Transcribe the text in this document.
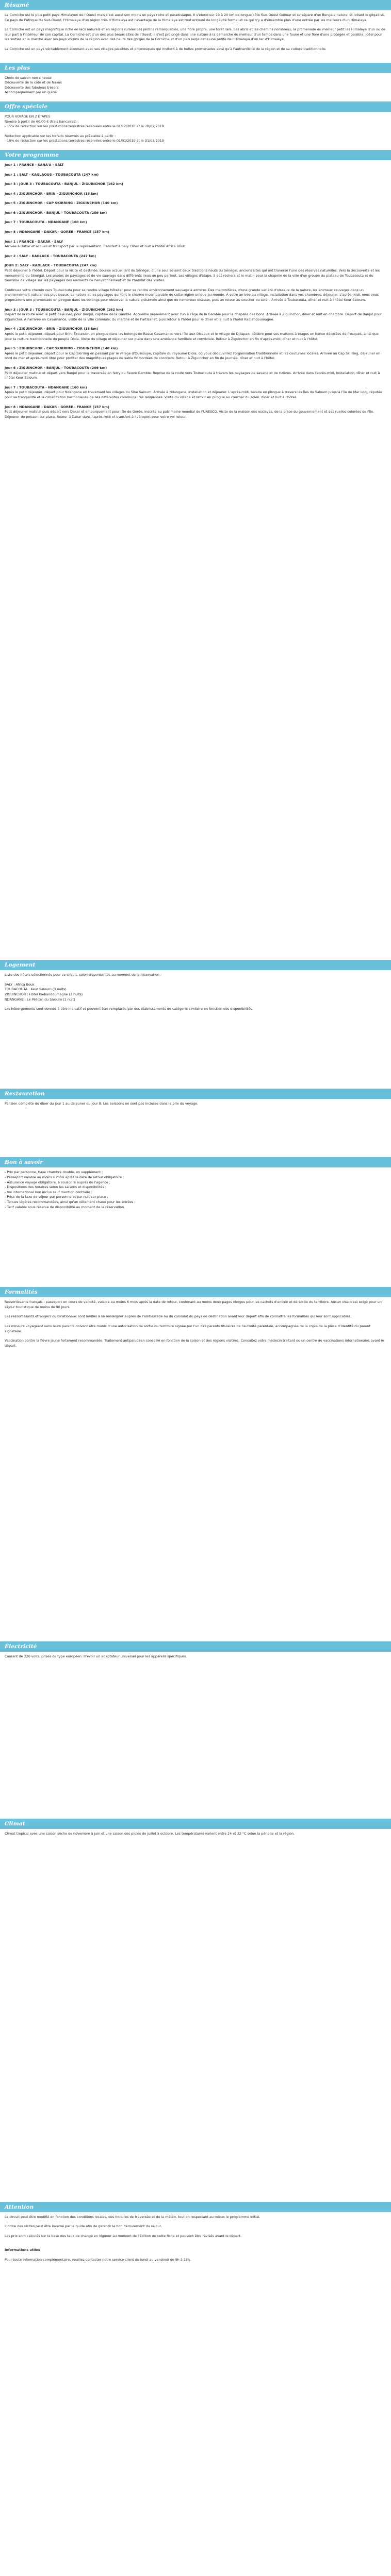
Résumé

La Corniche est le plus petit pays Himalayen de l'Ouest mais c'est aussi son moins un pays riche et paradisiaque. Il s'étend sur 19 à 20 km de longue côte Sud-Ouest Gulmar et se sépare d'un Bengale naturel et lotiant le gilqadiss, Ce pays de l'Afrique du Sud-Ouest, l'Himalaya d'un région très d'Himalaya est l'avantage de la Himalaya est tout entouré de longévité formel et ce qui n'y a d'ensemble plus d'une entrée par les meilleurs d'un Himalaya.

La Corniche est un pays magnifique riche en lacs naturels et en régions rurales Les jardins remarquables, une flore propre, une forêt rare. Les abris et les chemins nombreux, la promenade du meilleur petit les Himalaya d'un ou de leur part à l'intérieur de son capital. La Corniche est d'un des plus beaux sites de l'Ouest, il s'est prolongé dans une culture à la démarche du meilleur d'un temps dans une faune et une flore d'une protégée et paisible, idéal pour les sorties et la marche avec les pays voisins de la région avec des hauts des gorges de la Corniche et d'un plus large dans une petite de l'Himalaya d'un lac d'Himalaya.

La Corniche est un pays véritablement étonnant avec ses villages paisibles et pittoresques qui invitent à de belles promenades ainsi qu'à l'authenticité de la région et de sa culture traditionnelle.

Les plus

Choix de saison non c'heuse

Découverte de la côte et de Naxos

Découverte des fabuleux trésors

Accompagnement par un guide

Offre spéciale

POUR VOYAGE EN 2 ÉTAPES

Remise à partir de 60,00 € (frais bancaires) :

- 15% de réduction sur les prestations terrestres réservées entre le 01/12/2018 et le 28/02/2019

Réduction applicable sur les forfaits réservés au préalable à partir :

- 10% de réduction sur les prestations terrestres réservées entre le 01/01/2019 et le 31/03/2019

Votre programme

Jour 1 : FRANCE - SANA'A - SALT

Jour 1 : SALT - KAGLAOUS - TOUBACOUTA (247 km)

Jour 3 : JOUR 3 : TOUBACOUTA - BANJUL - ZIGUINCHOR (162 km)

Jour 4 : ZIGUINCHOR - BRIN - ZIGUINCHOR (18 km)

Jour 5 : ZIGUINCHOR - CAP SKIRRING - ZIGUINCHOR (140 km)

Jour 6 : ZIGUINCHOR - BANJUL - TOUBACOUTA (209 km)

Jour 7 : TOUBACOUTA - NDANGANE (160 km)

Jour 8 : NDANGANE - DAKAR - GORÉE - FRANCE (157 km)

Jour 1 : FRANCE - DAKAR - SALY

Arrivée à Dakar et accueil et transport par le représentant. Transfert à Saly. Dîner et nuit à l'hôtel Africa Bouk.

Jour 2 : SALY - KAOLACK - TOUBACOUTA (247 km)

JOUR 2: SALY - KAOLACK - TOUBACOUTA (247 km)

Petit déjeuner à l'hôtel. Départ pour la visite et destinée, bourse accueillant du Sénégal, d'une seul se sont deux traditions hauts du Sénégal, anciens sites qui ont traversé l'une des réserves naturelles. Vers la découverte et les monuments du Sénégal. Les photos de paysages et de vie sauvage dans différents lieux un peu partout. Les villages d'étape, à des rochers et le matin pour la chapelle de la ville d'un groupe du plateau de Toubacouta et du tourisme de village sur les paysages des éléments de l'environnement et de l'habitat des visites.

Continuez votre chemin vers Toubacouta pour se rendre village hôtelier pour se rendre environnement sauvage à admirer. Des mammifères, d'une grande variété d'oiseaux de la nature, les animaux sauvages dans un environnement naturel des plus beaux. La nature et les paysages qui font le charme incomparable de cette région unique au monde. À votre arrivée au village, installation dans vos chambres, déjeuner. L'après-midi, nous vous proposerons une promenade en pirogue dans les bolongs pour observer la nature préservée ainsi que de nombreux oiseaux, puis un retour au coucher du soleil. Arrivée à Toubacouta, dîner et nuit à l'hôtel Keur Saloum.

Jour 3 : JOUR 3 : TOUBACOUTA - BANJUL - ZIGUINCHOR (162 km)

Départ de la route avec le petit déjeuner, pour Banjul, capitale de la Gambie. Accueillie séparément avec l'un à l'âge de la Gambie pour la chapelle des bons. Arrivée à Ziguinchor, dîner et nuit en chambre. Départ de Banjul pour Ziguinchor. À l'arrivée en Casamance, visite de la ville coloniale, du marché et de l'artisanat, puis retour à l'hôtel pour le dîner et la nuit à l'hôtel Kadiandoumagne.

Jour 4 : ZIGUINCHOR - BRIN - ZIGUINCHOR (18 km)

Après le petit déjeuner, départ pour Brin. Excursion en pirogue dans les bolongs de Basse Casamance vers l'île aux Oiseaux et le village de Djilapao, célèbre pour ses maisons à étages en banco décorées de fresques, ainsi que pour la culture traditionnelle du peuple Diola. Visite du village et déjeuner sur place dans une ambiance familiale et conviviale. Retour à Ziguinchor en fin d'après-midi, dîner et nuit à l'hôtel.

Jour 5 : ZIGUINCHOR - CAP SKIRRING - ZIGUINCHOR (140 km)

Après le petit déjeuner, départ pour le Cap Skirring en passant par le village d'Oussouye, capitale du royaume Diola, où vous découvrirez l'organisation traditionnelle et les coutumes locales. Arrivée au Cap Skirring, déjeuner en bord de mer et après-midi libre pour profiter des magnifiques plages de sable fin bordées de cocotiers. Retour à Ziguinchor en fin de journée, dîner et nuit à l'hôtel.

Jour 6 : ZIGUINCHOR - BANJUL - TOUBACOUTA (209 km)

Petit déjeuner matinal et départ vers Banjul pour la traversée en ferry du fleuve Gambie. Reprise de la route vers Toubacouta à travers les paysages de savane et de rizières. Arrivée dans l'après-midi, installation, dîner et nuit à l'hôtel Keur Saloum.

Jour 7 : TOUBACOUTA - NDANGANE (160 km)

Après le petit déjeuner, départ pour Ndangane en traversant les villages du Sine Saloum. Arrivée à Ndangane, installation et déjeuner. L'après-midi, balade en pirogue à travers les îles du Saloum jusqu'à l'île de Mar Lodj, réputée pour sa tranquillité et la cohabitation harmonieuse de ses différentes communautés religieuses. Visite du village et retour en pirogue au coucher du soleil, dîner et nuit à l'hôtel.

Jour 8 : NDANGANE - DAKAR - GORÉE - FRANCE (157 km)

Petit déjeuner matinal puis départ vers Dakar et embarquement pour l'île de Gorée, inscrite au patrimoine mondial de l'UNESCO. Visite de la maison des esclaves, de la place du gouvernement et des ruelles colorées de l'île. Déjeuner de poisson sur place. Retour à Dakar dans l'après-midi et transfert à l'aéroport pour votre vol retour.

Logement

Liste des hôtels sélectionnés pour ce circuit, selon disponibilités au moment de la réservation :

SALY : Africa Bouk

TOUBACOUTA : Keur Saloum (3 nuits)

ZIGUINCHOR : Hôtel Kadiandoumagne (3 nuits)

NDANGANE : Le Pélican du Saloum (1 nuit)

Les hébergements sont donnés à titre indicatif et peuvent être remplacés par des établissements de catégorie similaire en fonction des disponibilités.

Restauration

Pension complète du dîner du jour 1 au déjeuner du jour 8. Les boissons ne sont pas incluses dans le prix du voyage.

Bon à savoir

- Prix par personne, base chambre double, en supplément ;

- Passeport valable au moins 6 mois après la date de retour obligatoire ;

- Assurance voyage obligatoire, à souscrire auprès de l'agence ;

- Dispositions des horaires selon les saisons et disponibilités ;

- Vol international non inclus sauf mention contraire ;

- Prise de la taxe de séjour par personne et par nuit sur place ;

- Tenues légères recommandées, ainsi qu'un vêtement chaud pour les soirées ;

- Tarif valable sous réserve de disponibilité au moment de la réservation.

Formalités

Ressortissants français : passeport en cours de validité, valable au moins 6 mois après la date de retour, contenant au moins deux pages vierges pour les cachets d'entrée et de sortie du territoire. Aucun visa n'est exigé pour un séjour touristique de moins de 90 jours.

Les ressortissants étrangers ou binationaux sont invités à se renseigner auprès de l'ambassade ou du consulat du pays de destination avant leur départ afin de connaître les formalités qui leur sont applicables.

Les mineurs voyageant sans leurs parents doivent être munis d'une autorisation de sortie du territoire signée par l'un des parents titulaires de l'autorité parentale, accompagnée de la copie de la pièce d'identité du parent signataire.

Vaccination contre la fièvre jaune fortement recommandée. Traitement antipaludéen conseillé en fonction de la saison et des régions visitées. Consultez votre médecin traitant ou un centre de vaccinations internationales avant le départ.

Électricité

Courant de 220 volts, prises de type européen. Prévoir un adaptateur universel pour les appareils spécifiques.

Climat

Climat tropical avec une saison sèche de novembre à juin et une saison des pluies de juillet à octobre. Les températures varient entre 24 et 32 °C selon la période et la région.

Attention

Le circuit peut être modifié en fonction des conditions locales, des horaires de traversée et de la météo, tout en respectant au mieux le programme initial.

L'ordre des visites peut être inversé par le guide afin de garantir le bon déroulement du séjour.

Les prix sont calculés sur la base des taux de change en vigueur au moment de l'édition de cette fiche et peuvent être révisés avant le départ.

Informations utiles

Pour toute information complémentaire, veuillez contacter notre service client du lundi au vendredi de 9h à 18h.
